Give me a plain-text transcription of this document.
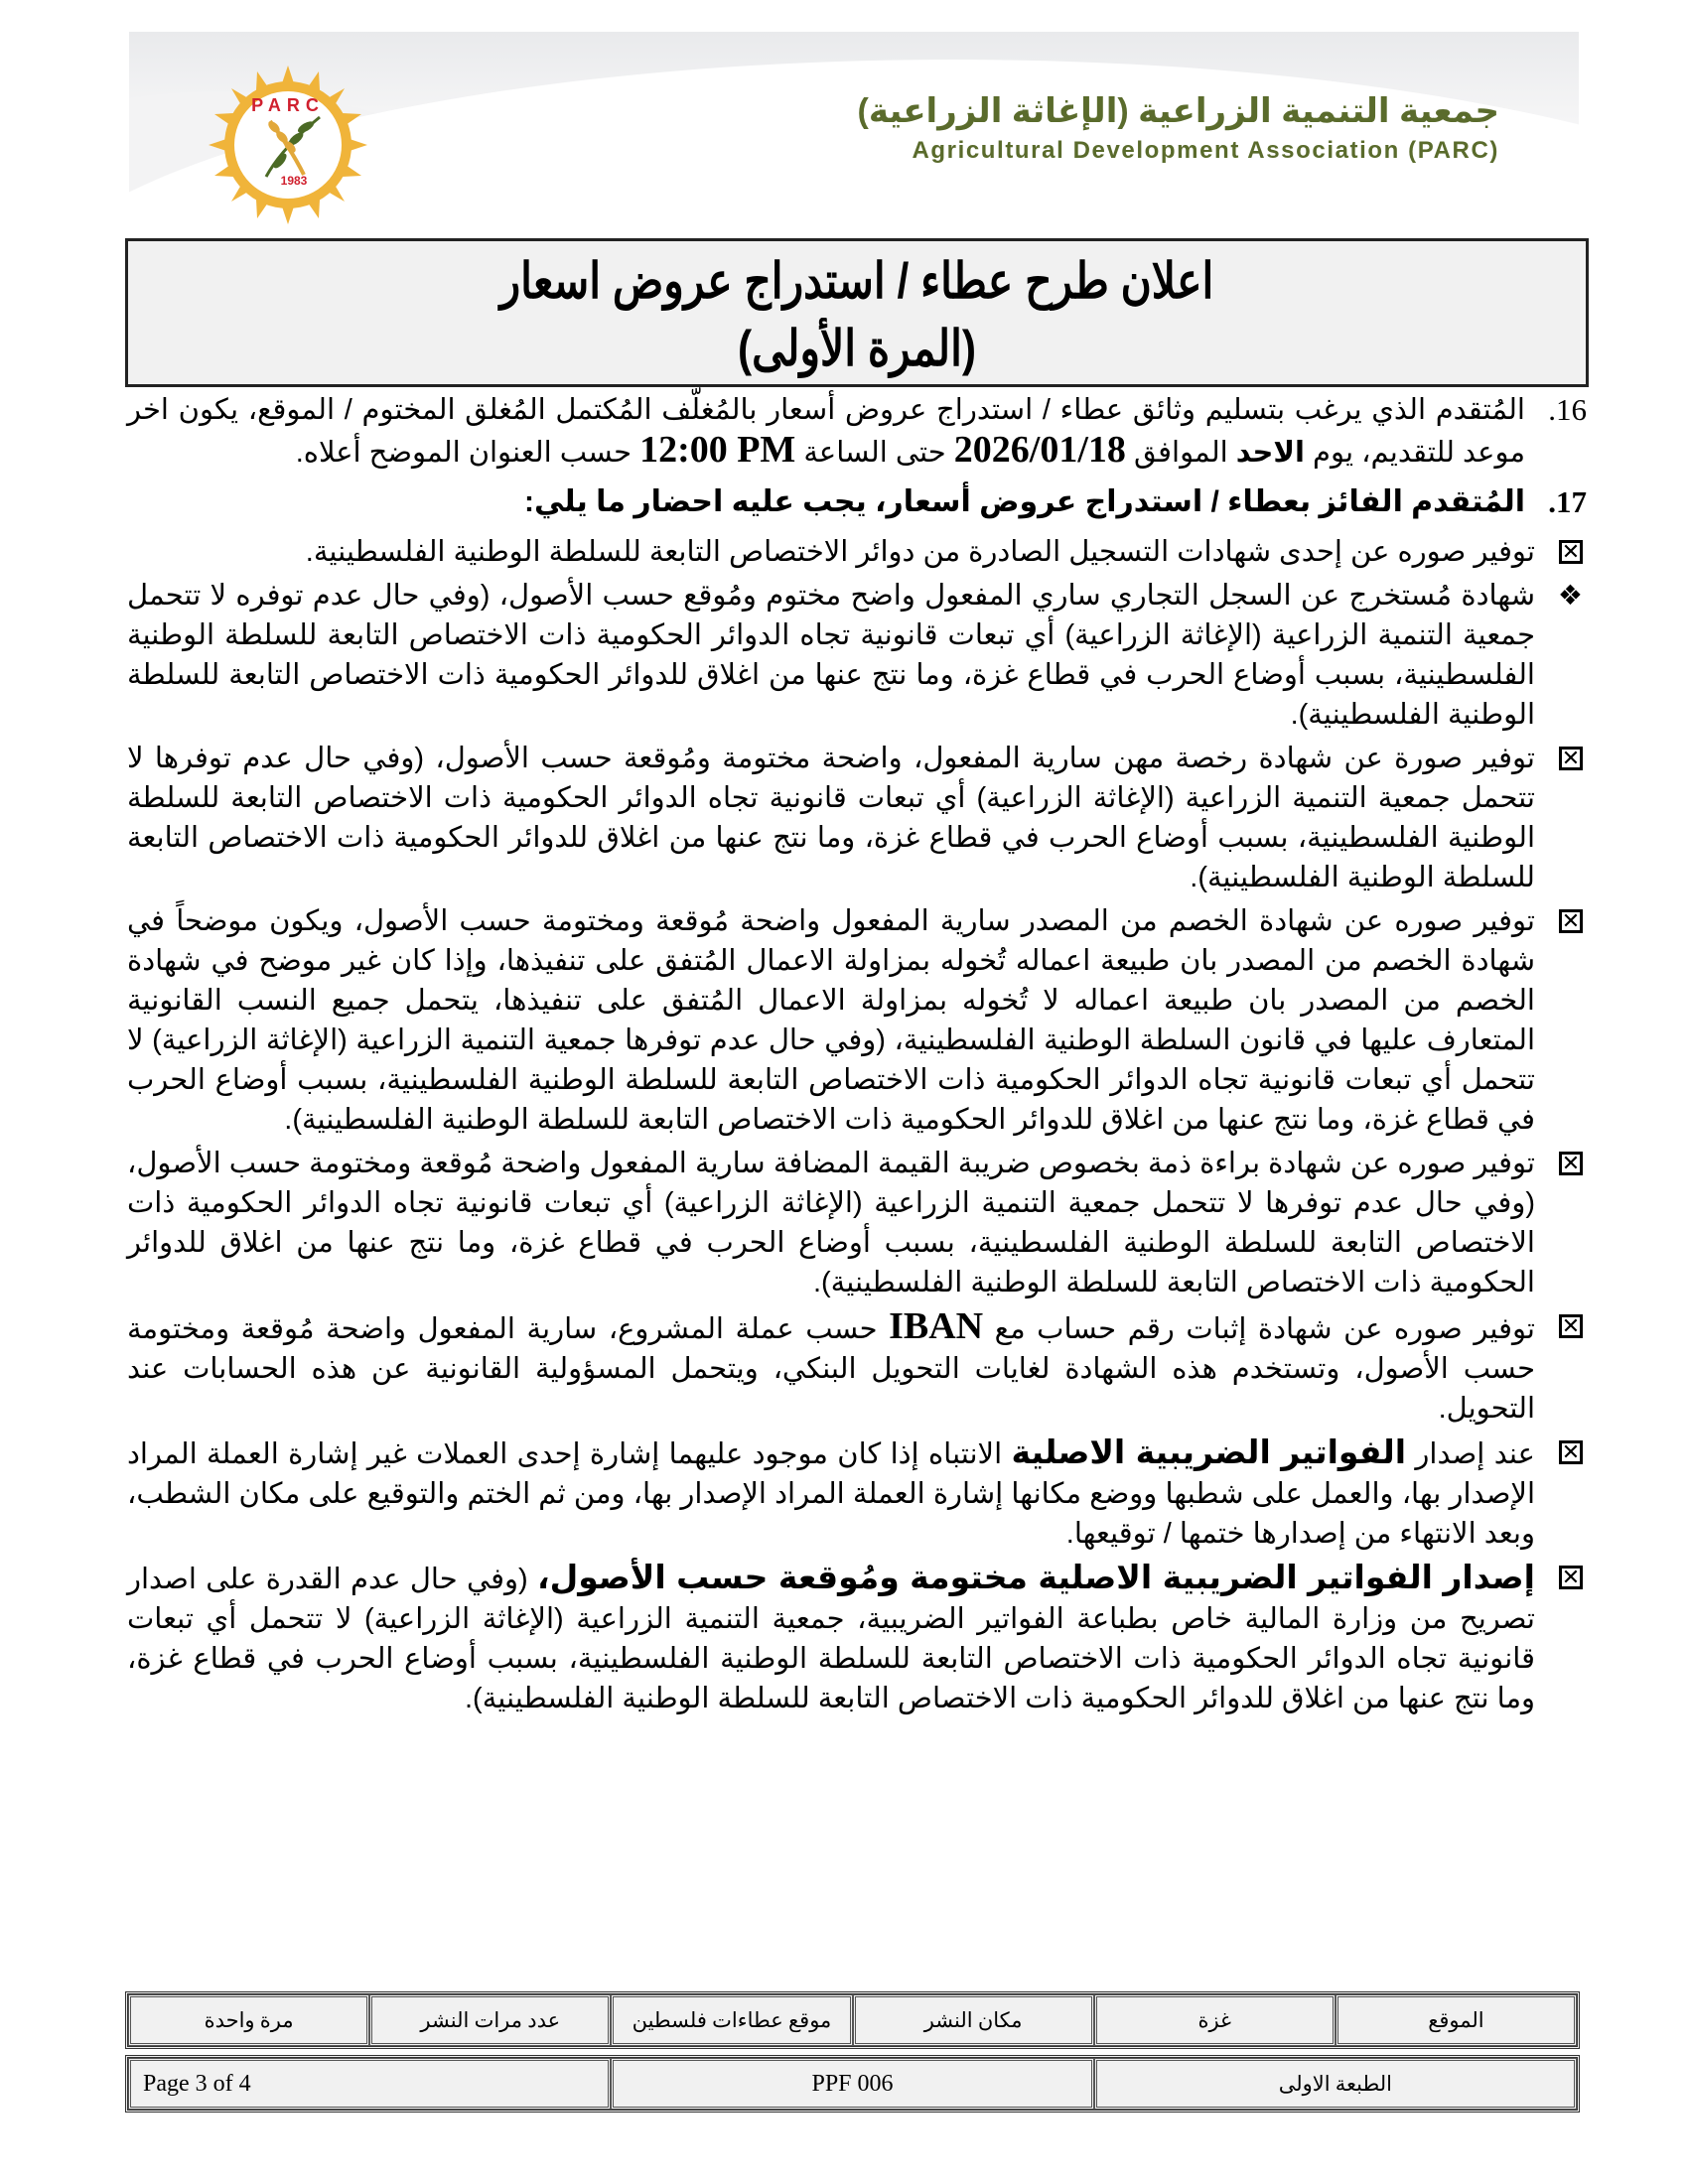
PARC
1983
جمعية التنمية الزراعية (الإغاثة الزراعية)
Agricultural Development Association (PARC)
اعلان طرح عطاء / استدراج عروض اسعار
(المرة الأولى)
.16
المُتقدم الذي يرغب بتسليم وثائق عطاء / استدراج عروض أسعار بالمُغلّف المُكتمل المُغلق المختوم / الموقع، يكون اخر موعد للتقديم، يوم الاحد الموافق 2026/01/18 حتى الساعة 12:00 PM حسب العنوان الموضح أعلاه.
.17
المُتقدم الفائز بعطاء / استدراج عروض أسعار، يجب عليه احضار ما يلي:
✕
توفير صوره عن إحدى شهادات التسجيل الصادرة من دوائر الاختصاص التابعة للسلطة الوطنية الفلسطينية.
❖
شهادة مُستخرج عن السجل التجاري ساري المفعول واضح مختوم ومُوقع حسب الأصول، (وفي حال عدم توفره لا تتحمل جمعية التنمية الزراعية (الإغاثة الزراعية) أي تبعات قانونية تجاه الدوائر الحكومية ذات الاختصاص التابعة للسلطة الوطنية الفلسطينية، بسبب أوضاع الحرب في قطاع غزة، وما نتج عنها من اغلاق للدوائر الحكومية ذات الاختصاص التابعة للسلطة الوطنية الفلسطينية).
✕
توفير صورة عن شهادة رخصة مهن سارية المفعول، واضحة مختومة ومُوقعة حسب الأصول، (وفي حال عدم توفرها لا تتحمل جمعية التنمية الزراعية (الإغاثة الزراعية) أي تبعات قانونية تجاه الدوائر الحكومية ذات الاختصاص التابعة للسلطة الوطنية الفلسطينية، بسبب أوضاع الحرب في قطاع غزة، وما نتج عنها من اغلاق للدوائر الحكومية ذات الاختصاص التابعة للسلطة الوطنية الفلسطينية).
✕
توفير صوره عن شهادة الخصم من المصدر سارية المفعول واضحة مُوقعة ومختومة حسب الأصول، ويكون موضحاً في شهادة الخصم من المصدر بان طبيعة اعماله تُخوله بمزاولة الاعمال المُتفق على تنفيذها، وإذا كان غير موضح في شهادة الخصم من المصدر بان طبيعة اعماله لا تُخوله بمزاولة الاعمال المُتفق على تنفيذها، يتحمل جميع النسب القانونية المتعارف عليها في قانون السلطة الوطنية الفلسطينية، (وفي حال عدم توفرها جمعية التنمية الزراعية (الإغاثة الزراعية) لا تتحمل أي تبعات قانونية تجاه الدوائر الحكومية ذات الاختصاص التابعة للسلطة الوطنية الفلسطينية، بسبب أوضاع الحرب في قطاع غزة، وما نتج عنها من اغلاق للدوائر الحكومية ذات الاختصاص التابعة للسلطة الوطنية الفلسطينية).
✕
توفير صوره عن شهادة براءة ذمة بخصوص ضريبة القيمة المضافة سارية المفعول واضحة مُوقعة ومختومة حسب الأصول، (وفي حال عدم توفرها لا تتحمل جمعية التنمية الزراعية (الإغاثة الزراعية) أي تبعات قانونية تجاه الدوائر الحكومية ذات الاختصاص التابعة للسلطة الوطنية الفلسطينية، بسبب أوضاع الحرب في قطاع غزة، وما نتج عنها من اغلاق للدوائر الحكومية ذات الاختصاص التابعة للسلطة الوطنية الفلسطينية).
✕
توفير صوره عن شهادة إثبات رقم حساب مع IBAN حسب عملة المشروع، سارية المفعول واضحة مُوقعة ومختومة حسب الأصول، وتستخدم هذه الشهادة لغايات التحويل البنكي، ويتحمل المسؤولية القانونية عن هذه الحسابات عند التحويل.
✕
عند إصدار الفواتير الضريبية الاصلية الانتباه إذا كان موجود عليهما إشارة إحدى العملات غير إشارة العملة المراد الإصدار بها، والعمل على شطبها ووضع مكانها إشارة العملة المراد الإصدار بها، ومن ثم الختم والتوقيع على مكان الشطب، وبعد الانتهاء من إصدارها ختمها / توقيعها.
✕
إصدار الفواتير الضريبية الاصلية مختومة ومُوقعة حسب الأصول، (وفي حال عدم القدرة على اصدار تصريح من وزارة المالية خاص بطباعة الفواتير الضريبية، جمعية التنمية الزراعية (الإغاثة الزراعية) لا تتحمل أي تبعات قانونية تجاه الدوائر الحكومية ذات الاختصاص التابعة للسلطة الوطنية الفلسطينية، بسبب أوضاع الحرب في قطاع غزة، وما نتج عنها من اغلاق للدوائر الحكومية ذات الاختصاص التابعة للسلطة الوطنية الفلسطينية).
الموقع	غزة	مكان النشر	موقع عطاءات فلسطين	عدد مرات النشر	مرة واحدة
الطبعة الاولى	PPF 006	Page 3 of 4
